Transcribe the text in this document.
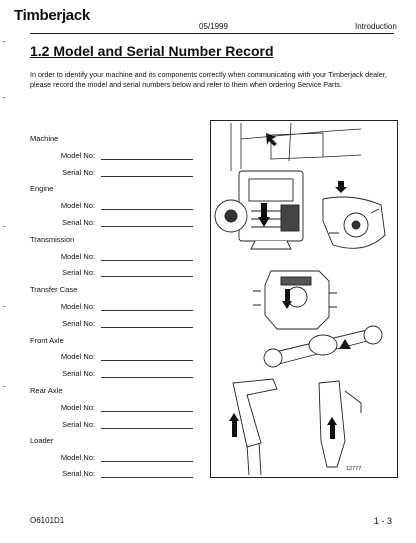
Timberjack
05/1999	Introduction
1.2 Model and Serial Number Record
In order to identify your machine and its components correctly when communicating with your Timberjack dealer, please record the model and serial numbers below and refer to them when ordering Service Parts.
Machine
Model No:
Serial No:
Engine
Model No:
Serial No:
Transmission
Model No:
Serial No:
Transfer Case
Model No:
Serial No:
Front Axle
Model No:
Serial No:
Rear Axle
Model No:
Serial No:
Loader
Model No:
Serial No:	12777
O6101D1	1 - 3
